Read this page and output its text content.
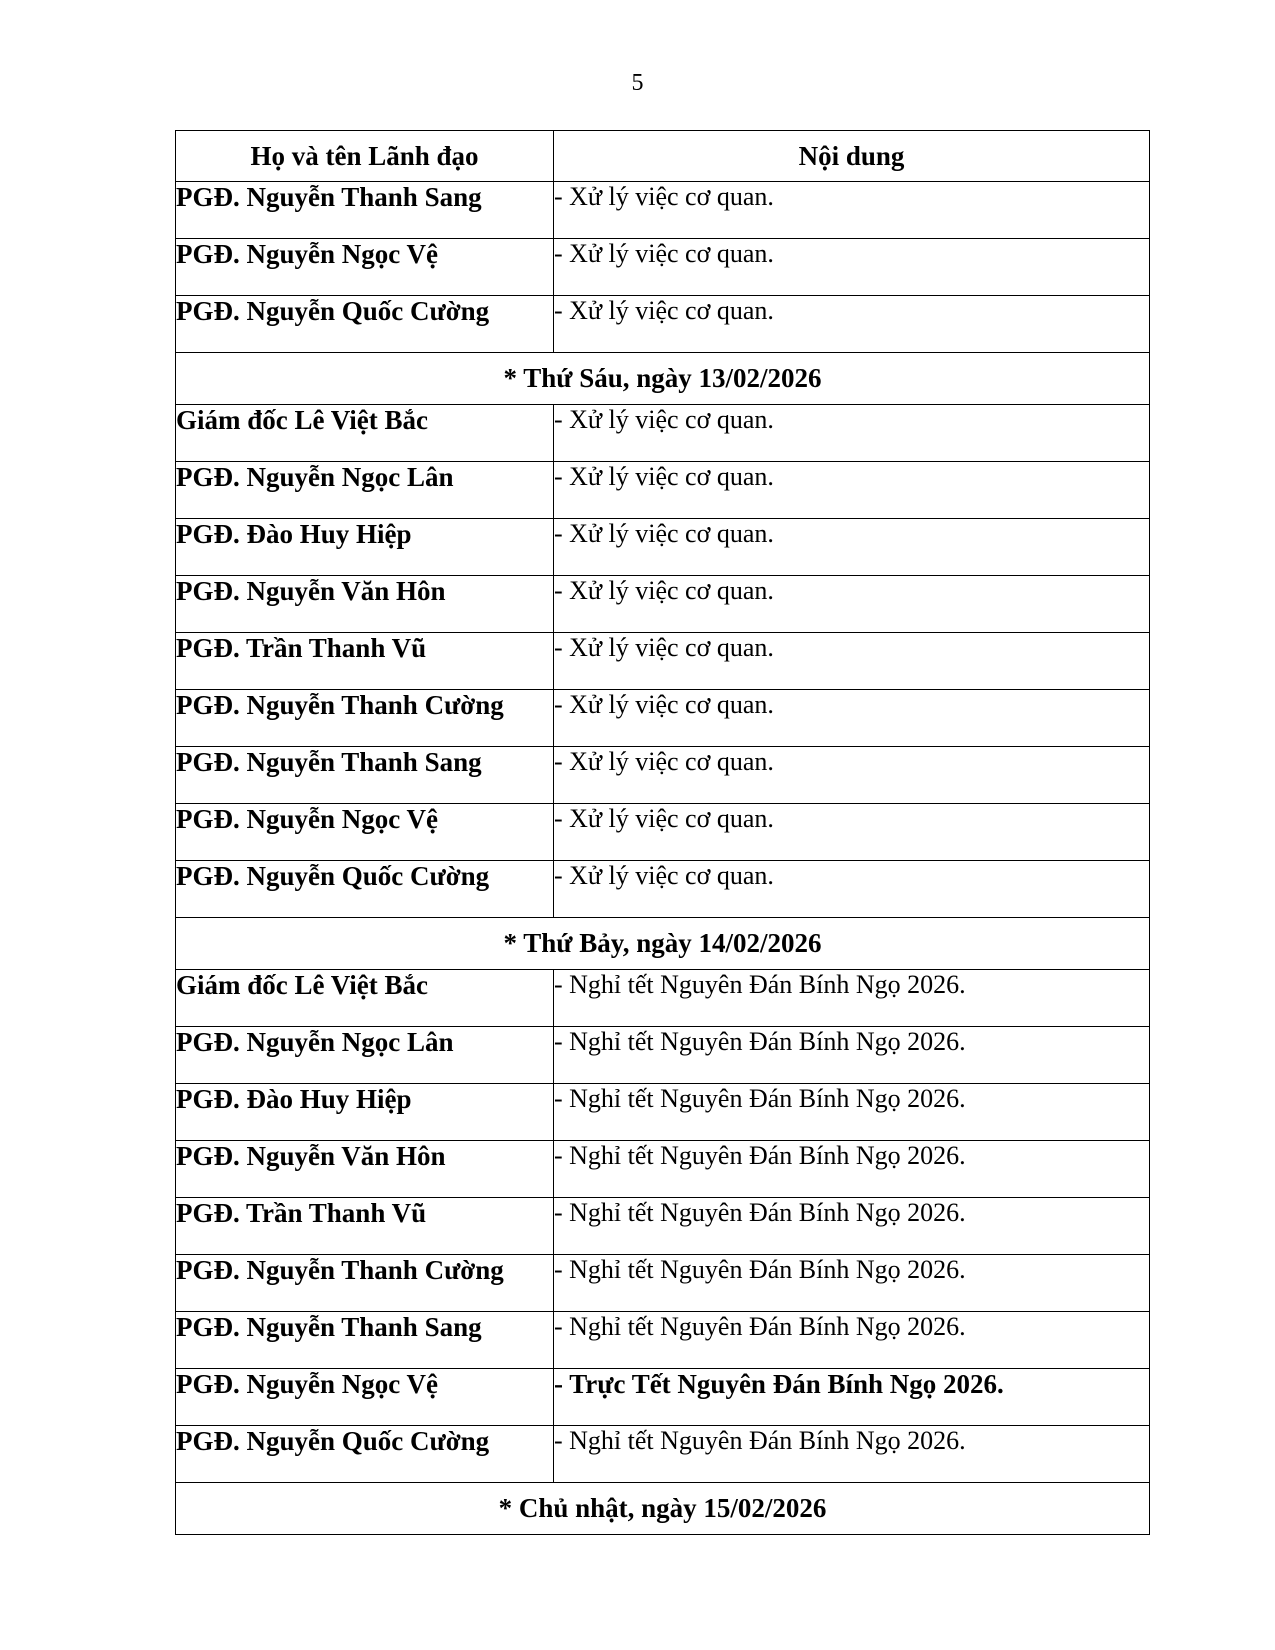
5
Họ và tên Lãnh đạo	Nội dung
PGĐ. Nguyễn Thanh Sang	- Xử lý việc cơ quan.
PGĐ. Nguyễn Ngọc Vệ	- Xử lý việc cơ quan.
PGĐ. Nguyễn Quốc Cường	- Xử lý việc cơ quan.
* Thứ Sáu, ngày 13/02/2026	
Giám đốc Lê Việt Bắc	- Xử lý việc cơ quan.
PGĐ. Nguyễn Ngọc Lân	- Xử lý việc cơ quan.
PGĐ. Đào Huy Hiệp	- Xử lý việc cơ quan.
PGĐ. Nguyễn Văn Hôn	- Xử lý việc cơ quan.
PGĐ. Trần Thanh Vũ	- Xử lý việc cơ quan.
PGĐ. Nguyễn Thanh Cường	- Xử lý việc cơ quan.
PGĐ. Nguyễn Thanh Sang	- Xử lý việc cơ quan.
PGĐ. Nguyễn Ngọc Vệ	- Xử lý việc cơ quan.
PGĐ. Nguyễn Quốc Cường	- Xử lý việc cơ quan.
* Thứ Bảy, ngày 14/02/2026	
Giám đốc Lê Việt Bắc	- Nghỉ tết Nguyên Đán Bính Ngọ 2026.
PGĐ. Nguyễn Ngọc Lân	- Nghỉ tết Nguyên Đán Bính Ngọ 2026.
PGĐ. Đào Huy Hiệp	- Nghỉ tết Nguyên Đán Bính Ngọ 2026.
PGĐ. Nguyễn Văn Hôn	- Nghỉ tết Nguyên Đán Bính Ngọ 2026.
PGĐ. Trần Thanh Vũ	- Nghỉ tết Nguyên Đán Bính Ngọ 2026.
PGĐ. Nguyễn Thanh Cường	- Nghỉ tết Nguyên Đán Bính Ngọ 2026.
PGĐ. Nguyễn Thanh Sang	- Nghỉ tết Nguyên Đán Bính Ngọ 2026.
PGĐ. Nguyễn Ngọc Vệ	- Trực Tết Nguyên Đán Bính Ngọ 2026.
PGĐ. Nguyễn Quốc Cường	- Nghỉ tết Nguyên Đán Bính Ngọ 2026.
* Chủ nhật, ngày 15/02/2026	
